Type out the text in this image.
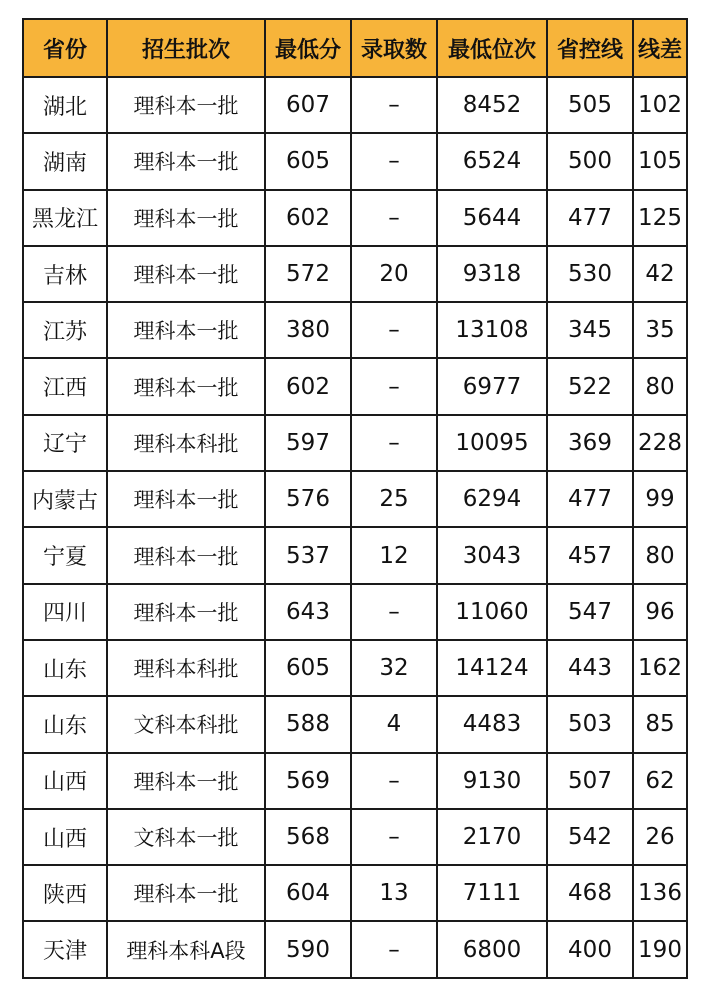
省份	招生批次	最低分	录取数	最低位次	省控线	线差
湖北	理科本一批	607	–	8452	505	102
湖南	理科本一批	605	–	6524	500	105
黑龙江	理科本一批	602	–	5644	477	125
吉林	理科本一批	572	20	9318	530	42
江苏	理科本一批	380	–	13108	345	35
江西	理科本一批	602	–	6977	522	80
辽宁	理科本科批	597	–	10095	369	228
内蒙古	理科本一批	576	25	6294	477	99
宁夏	理科本一批	537	12	3043	457	80
四川	理科本一批	643	–	11060	547	96
山东	理科本科批	605	32	14124	443	162
山东	文科本科批	588	4	4483	503	85
山西	理科本一批	569	–	9130	507	62
山西	文科本一批	568	–	2170	542	26
陕西	理科本一批	604	13	7111	468	136
天津	理科本科A段	590	–	6800	400	190
